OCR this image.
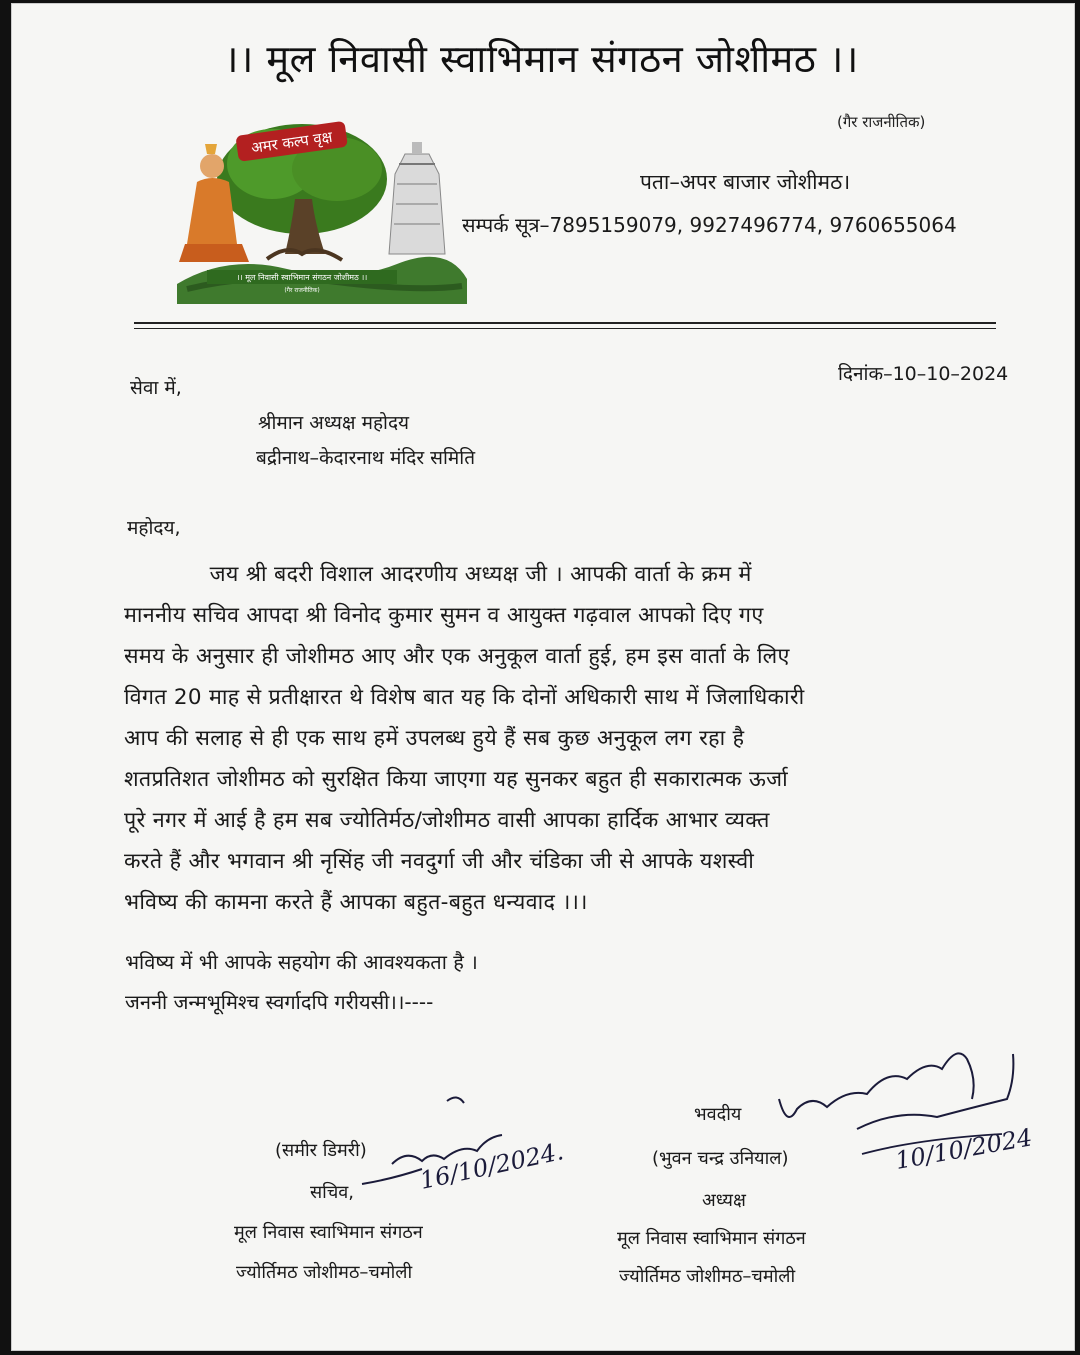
।। मूल निवासी स्वाभिमान संगठन जोशीमठ ।।
(गैर राजनीतिक)
अमर कल्प वृक्ष
।। मूल निवासी स्वाभिमान संगठन जोशीमठ ।।
(गैर राजनीतिक)
पता–अपर बाजार जोशीमठ।
सम्पर्क सूत्र–7895159079, 9927496774, 9760655064
दिनांक–10–10–2024
सेवा में,
श्रीमान अध्यक्ष महोदय
बद्रीनाथ–केदारनाथ मंदिर समिति
महोदय,
जय श्री बदरी विशाल आदरणीय अध्यक्ष जी । आपकी वार्ता के क्रम में
माननीय सचिव आपदा श्री विनोद कुमार सुमन व आयुक्त गढ़वाल आपको दिए गए
समय के अनुसार ही जोशीमठ आए और एक अनुकूल वार्ता हुई, हम इस वार्ता के लिए
विगत 20 माह से प्रतीक्षारत थे विशेष बात यह कि दोनों अधिकारी साथ में जिलाधिकारी
आप की सलाह से ही एक साथ हमें उपलब्ध हुये हैं सब कुछ अनुकूल लग रहा है
शतप्रतिशत जोशीमठ को सुरक्षित किया जाएगा यह सुनकर बहुत ही सकारात्मक ऊर्जा
पूरे नगर में आई है हम सब ज्योतिर्मठ/जोशीमठ वासी आपका हार्दिक आभार व्यक्त
करते हैं और भगवान श्री नृसिंह जी नवदुर्गा जी और चंडिका जी से आपके यशस्वी
भविष्य की कामना करते हैं आपका बहुत-बहुत धन्यवाद ।।।
भविष्य में भी आपके सहयोग की आवश्यकता है ।
जननी जन्मभूमिश्च स्वर्गादपि गरीयसी।।----
(समीर डिमरी)
सचिव,
मूल निवास स्वाभिमान संगठन
ज्योर्तिमठ जोशीमठ–चमोली
16/10/2024.
भवदीय
(भुवन चन्द्र उनियाल)
अध्यक्ष
मूल निवास स्वाभिमान संगठन
ज्योर्तिमठ जोशीमठ–चमोली
10/10/2024
